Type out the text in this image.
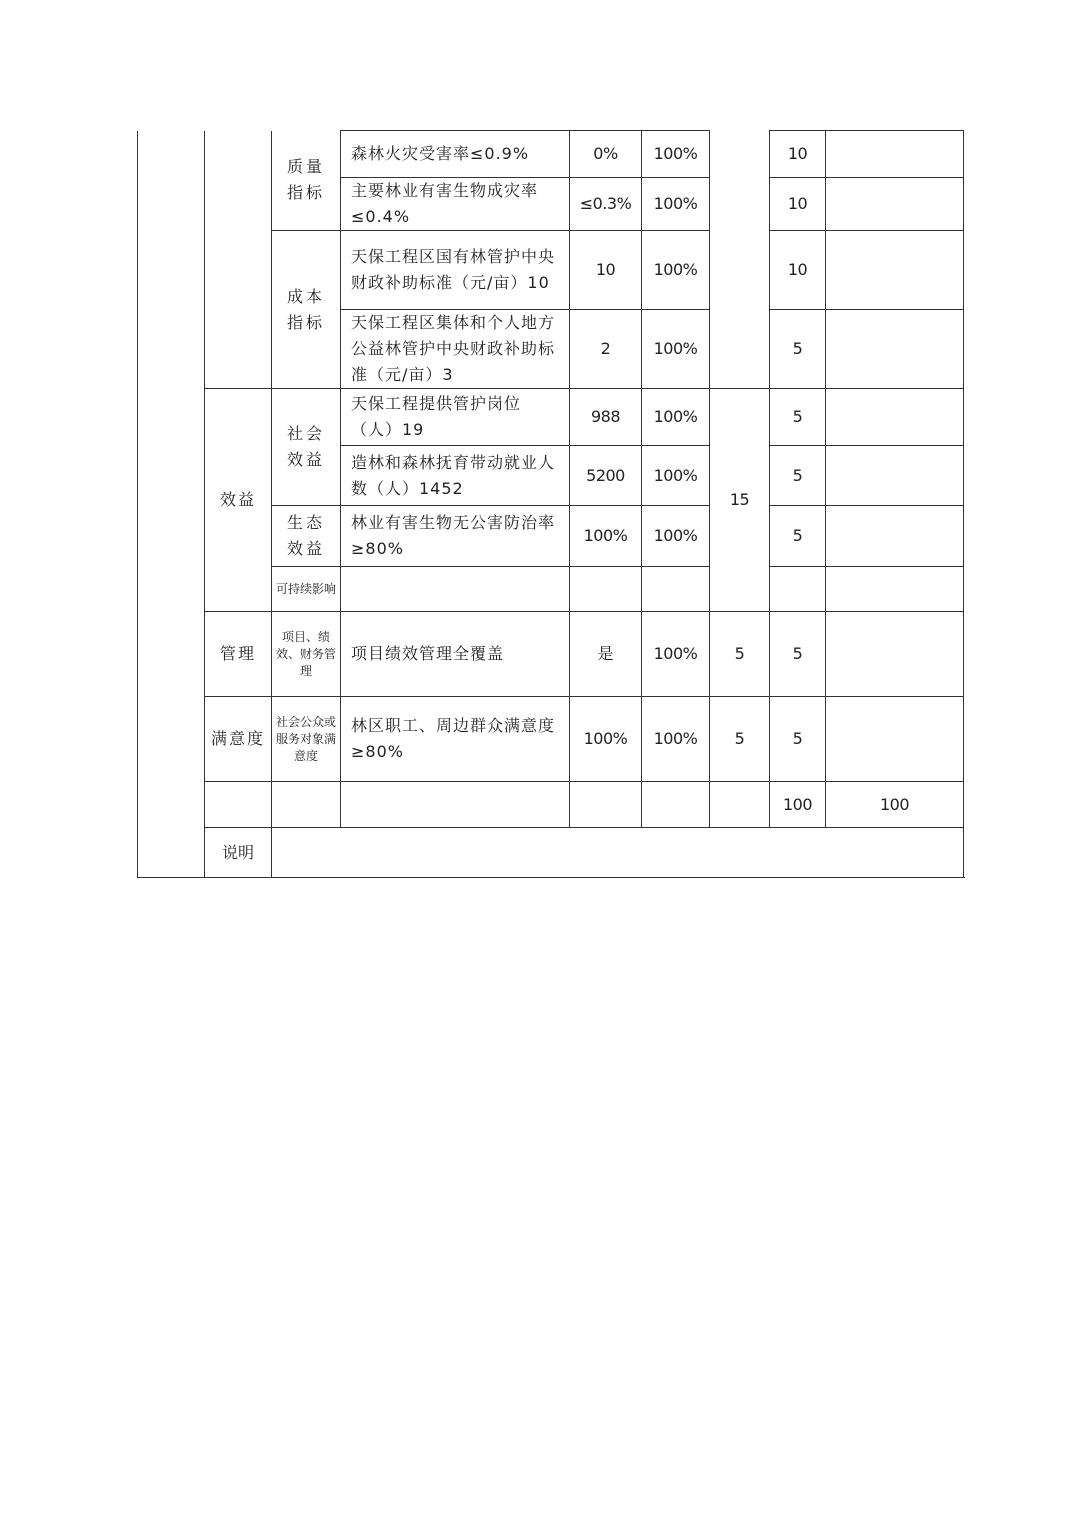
		质量指标	森林火灾受害率≤0.9%	0%	100%		10		
			主要林业有害生物成灾率≤0.4%	≤0.3%	100%		10		
		成本指标	天保工程区国有林管护中央财政补助标准（元/亩）10	10	100%		10		
			天保工程区集体和个人地方公益林管护中央财政补助标准（元/亩）3	2	100%		5		
	效益	社会效益	天保工程提供管护岗位（人）19	988	100%	15	5		
			造林和森林抚育带动就业人数（人）1452	5200	100%		5		
		生态效益	林业有害生物无公害防治率≥80%	100%	100%		5		
		可持续影响							
	管理	项目、绩效、财务管理	项目绩效管理全覆盖	是	100%	5	5		
	满意度	社会公众或服务对象满意度	林区职工、周边群众满意度≥80%	100%	100%	5	5		
							100	100	
	说明								
